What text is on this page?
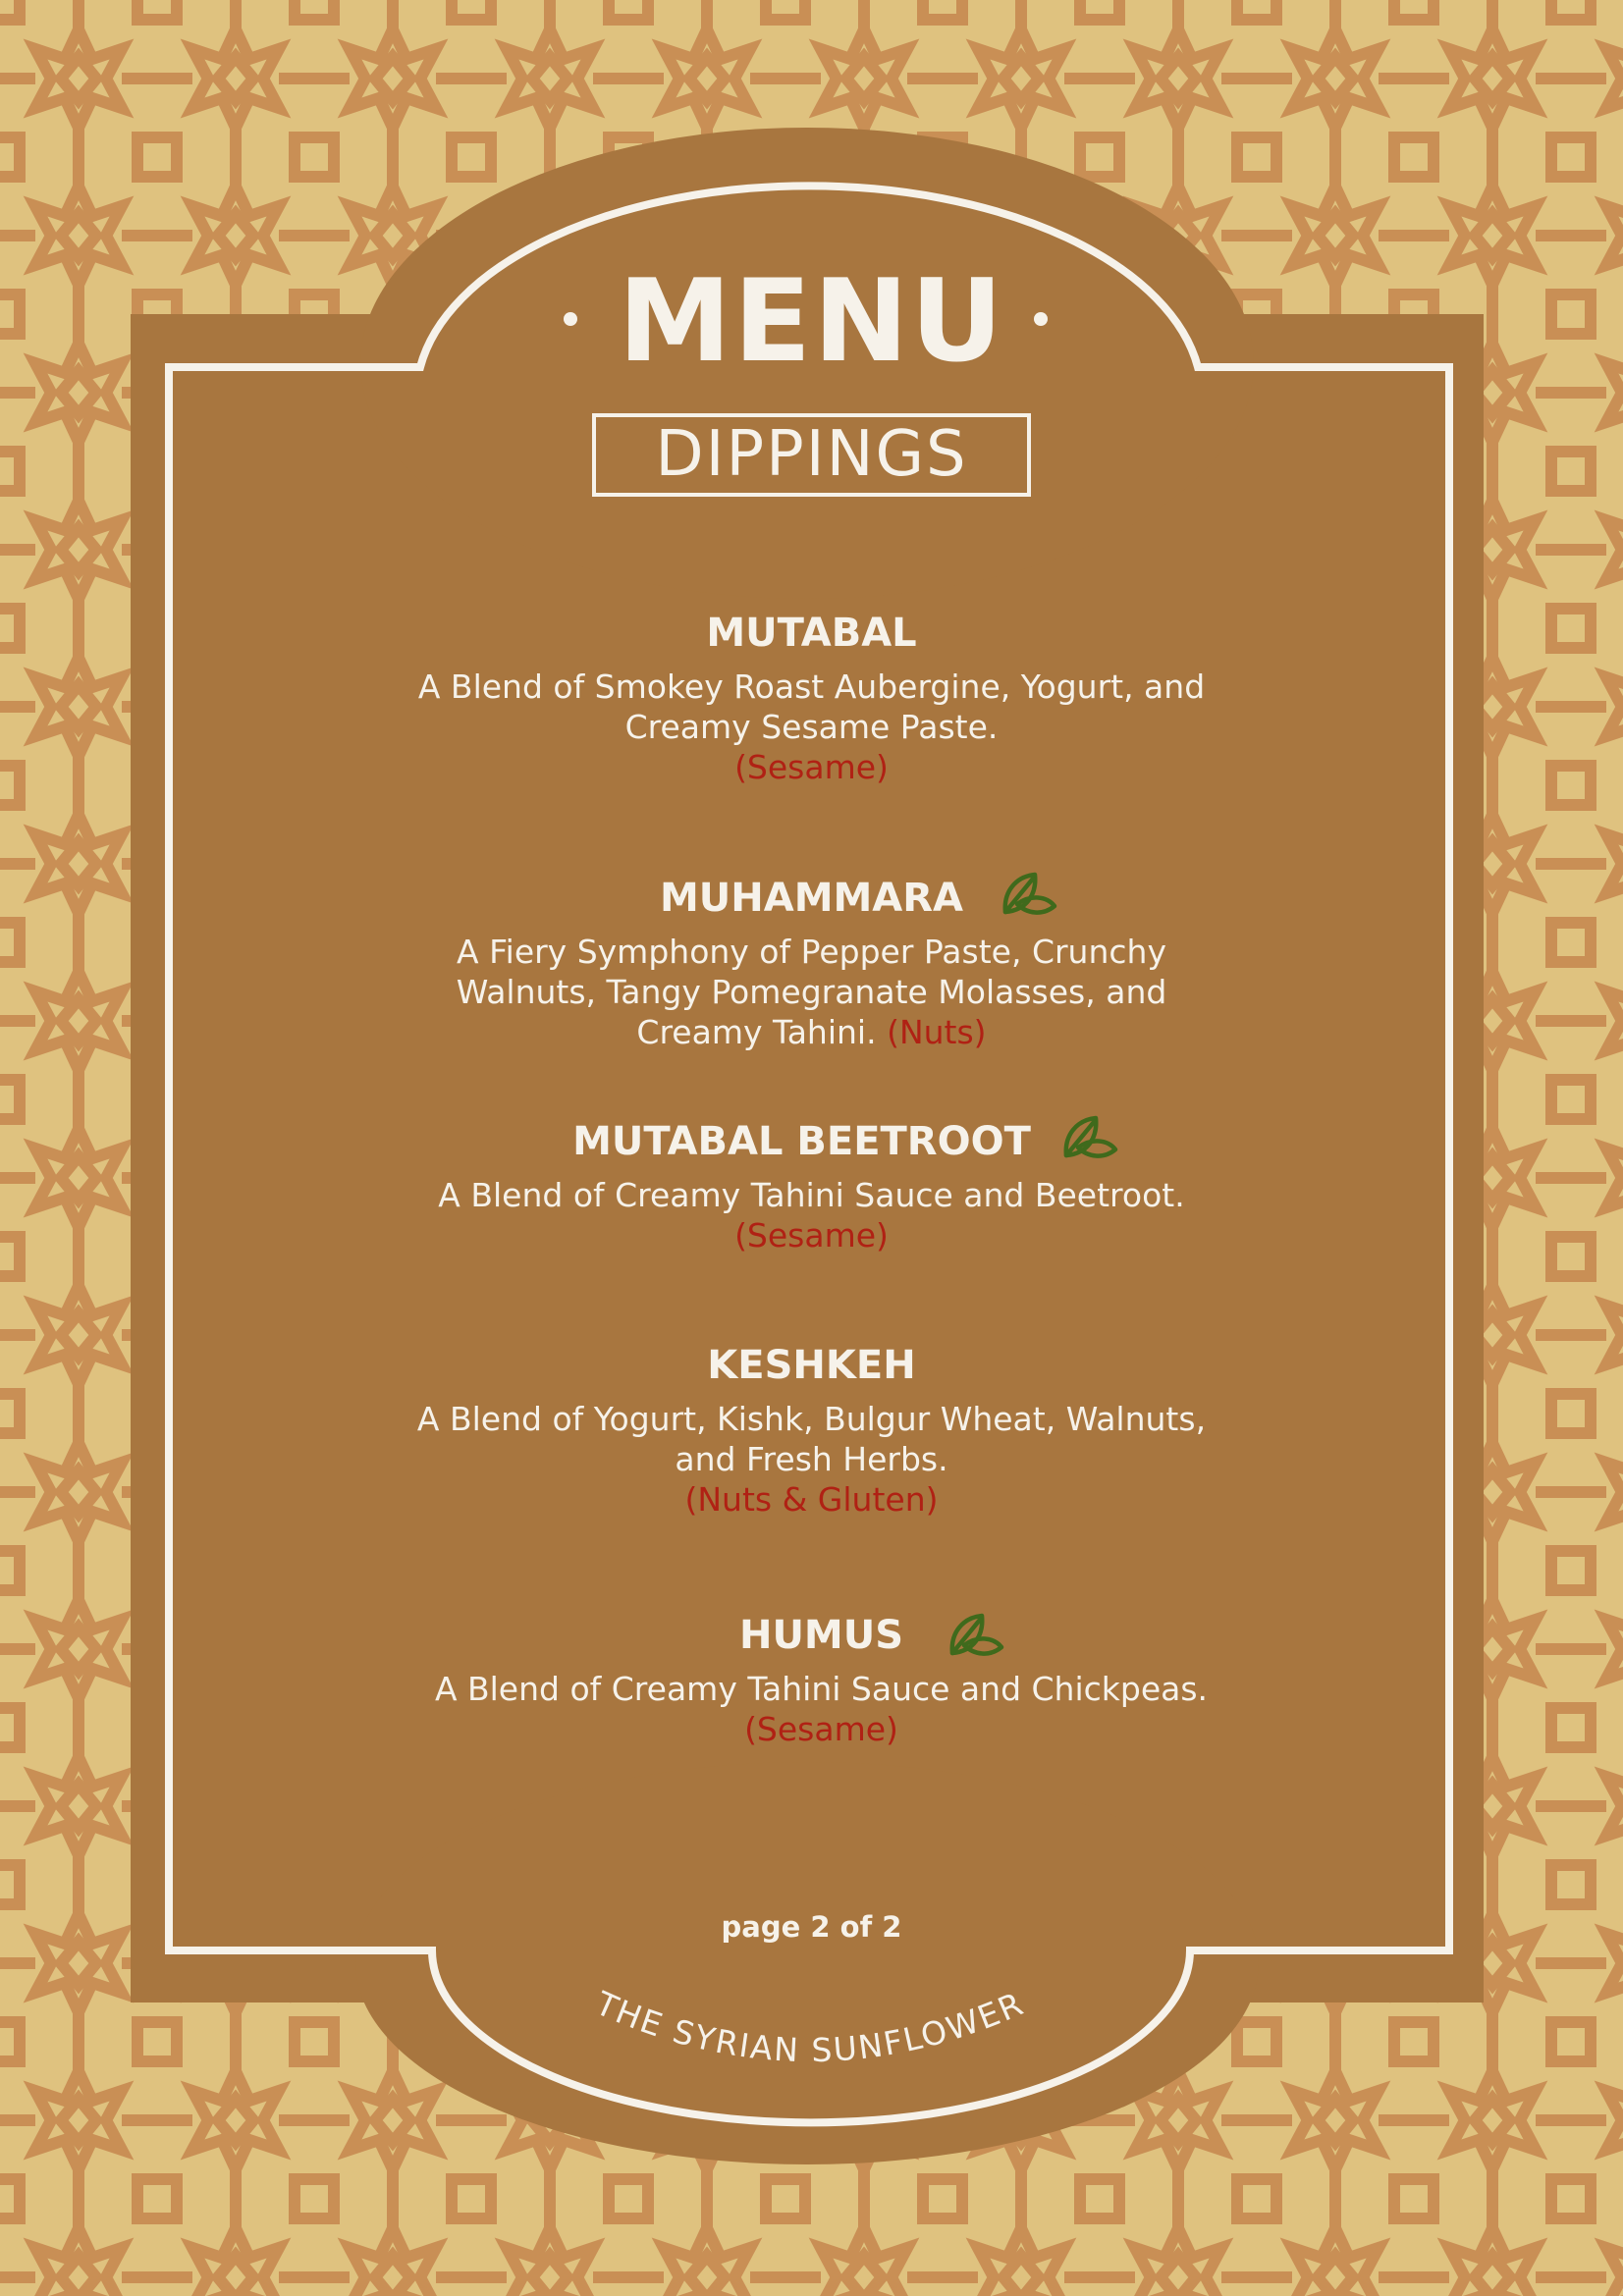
MENU
DIPPINGS
MUTABAL
A Blend of Smokey Roast Aubergine, Yogurt, and
Creamy Sesame Paste.
(Sesame)
MUHAMMARA
A Fiery Symphony of Pepper Paste, Crunchy
Walnuts, Tangy Pomegranate Molasses, and
Creamy Tahini. (Nuts)
MUTABAL BEETROOT
A Blend of Creamy Tahini Sauce and Beetroot.
(Sesame)
KESHKEH
A Blend of Yogurt, Kishk, Bulgur Wheat, Walnuts,
and Fresh Herbs.
(Nuts & Gluten)
HUMUS
A Blend of Creamy Tahini Sauce and Chickpeas.
(Sesame)
page 2 of 2
THE SYRIAN SUNFLOWER
